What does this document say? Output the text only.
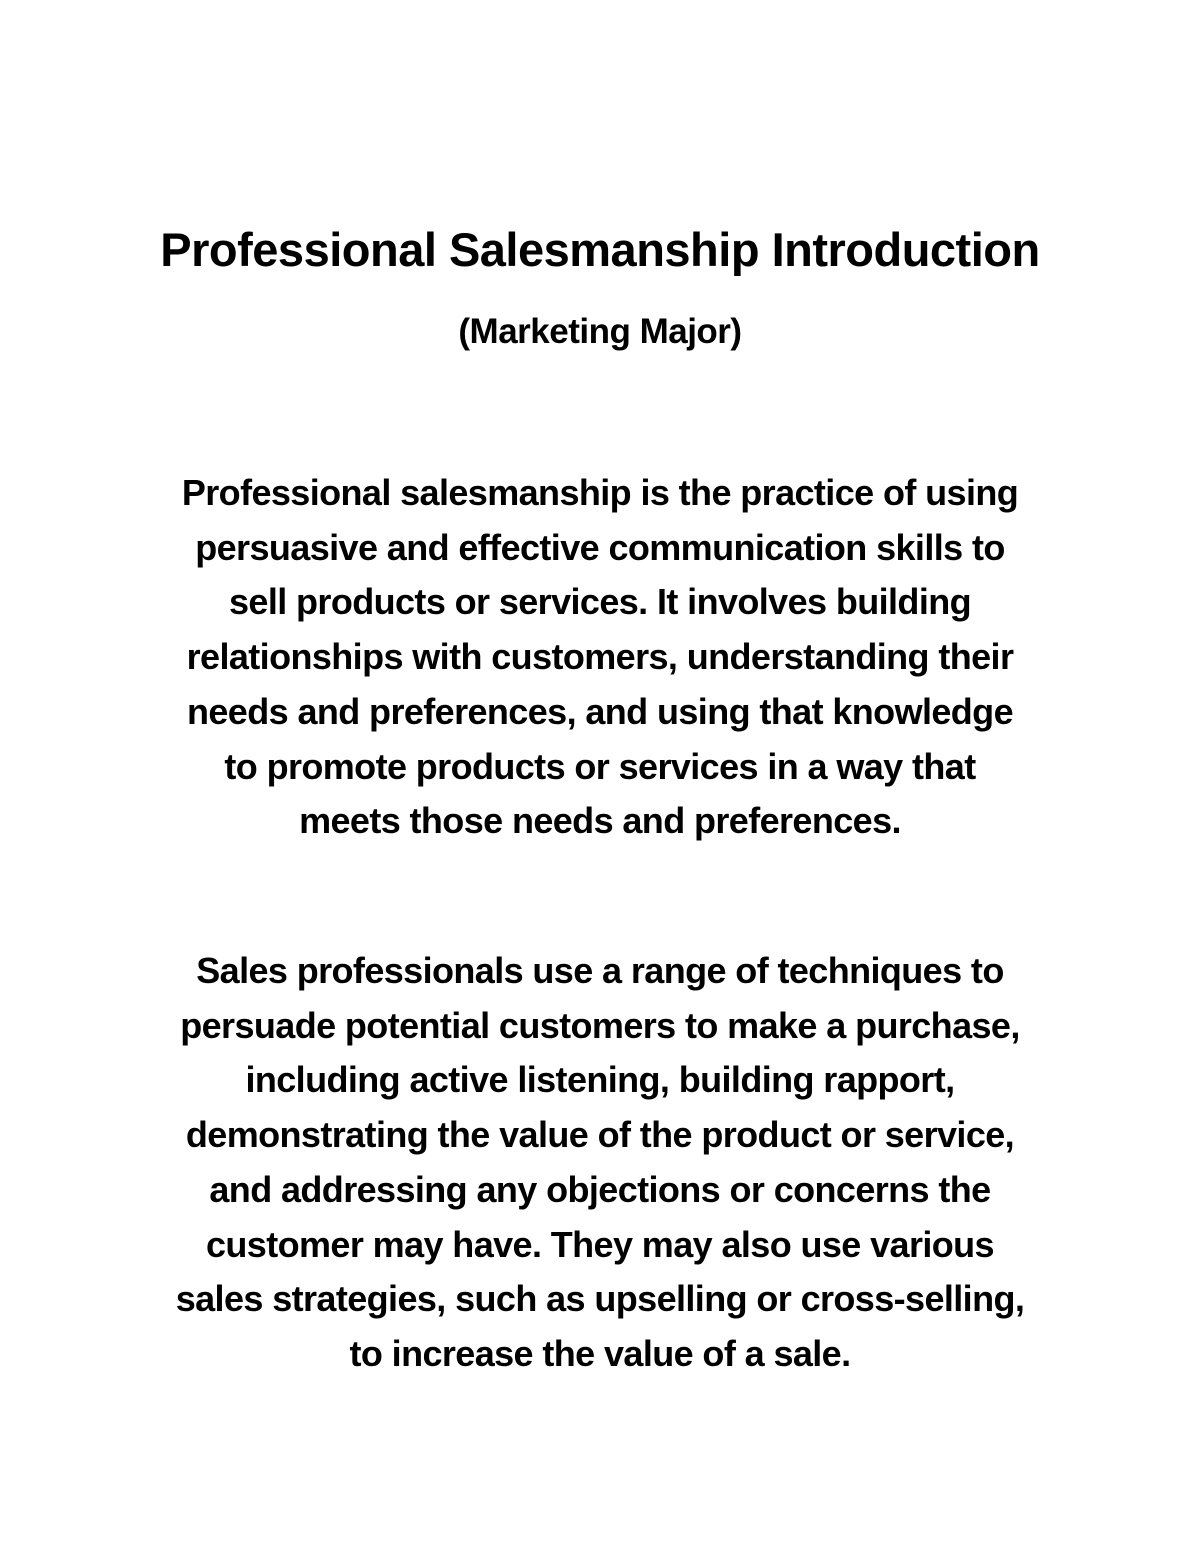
Professional Salesmanship Introduction
(Marketing Major)

Professional salesmanship is the practice of using
persuasive and effective communication skills to
sell products or services. It involves building
relationships with customers, understanding their
needs and preferences, and using that knowledge
to promote products or services in a way that
meets those needs and preferences.

Sales professionals use a range of techniques to
persuade potential customers to make a purchase,
including active listening, building rapport,
demonstrating the value of the product or service,
and addressing any objections or concerns the
customer may have. They may also use various
sales strategies, such as upselling or cross-selling,
to increase the value of a sale.
